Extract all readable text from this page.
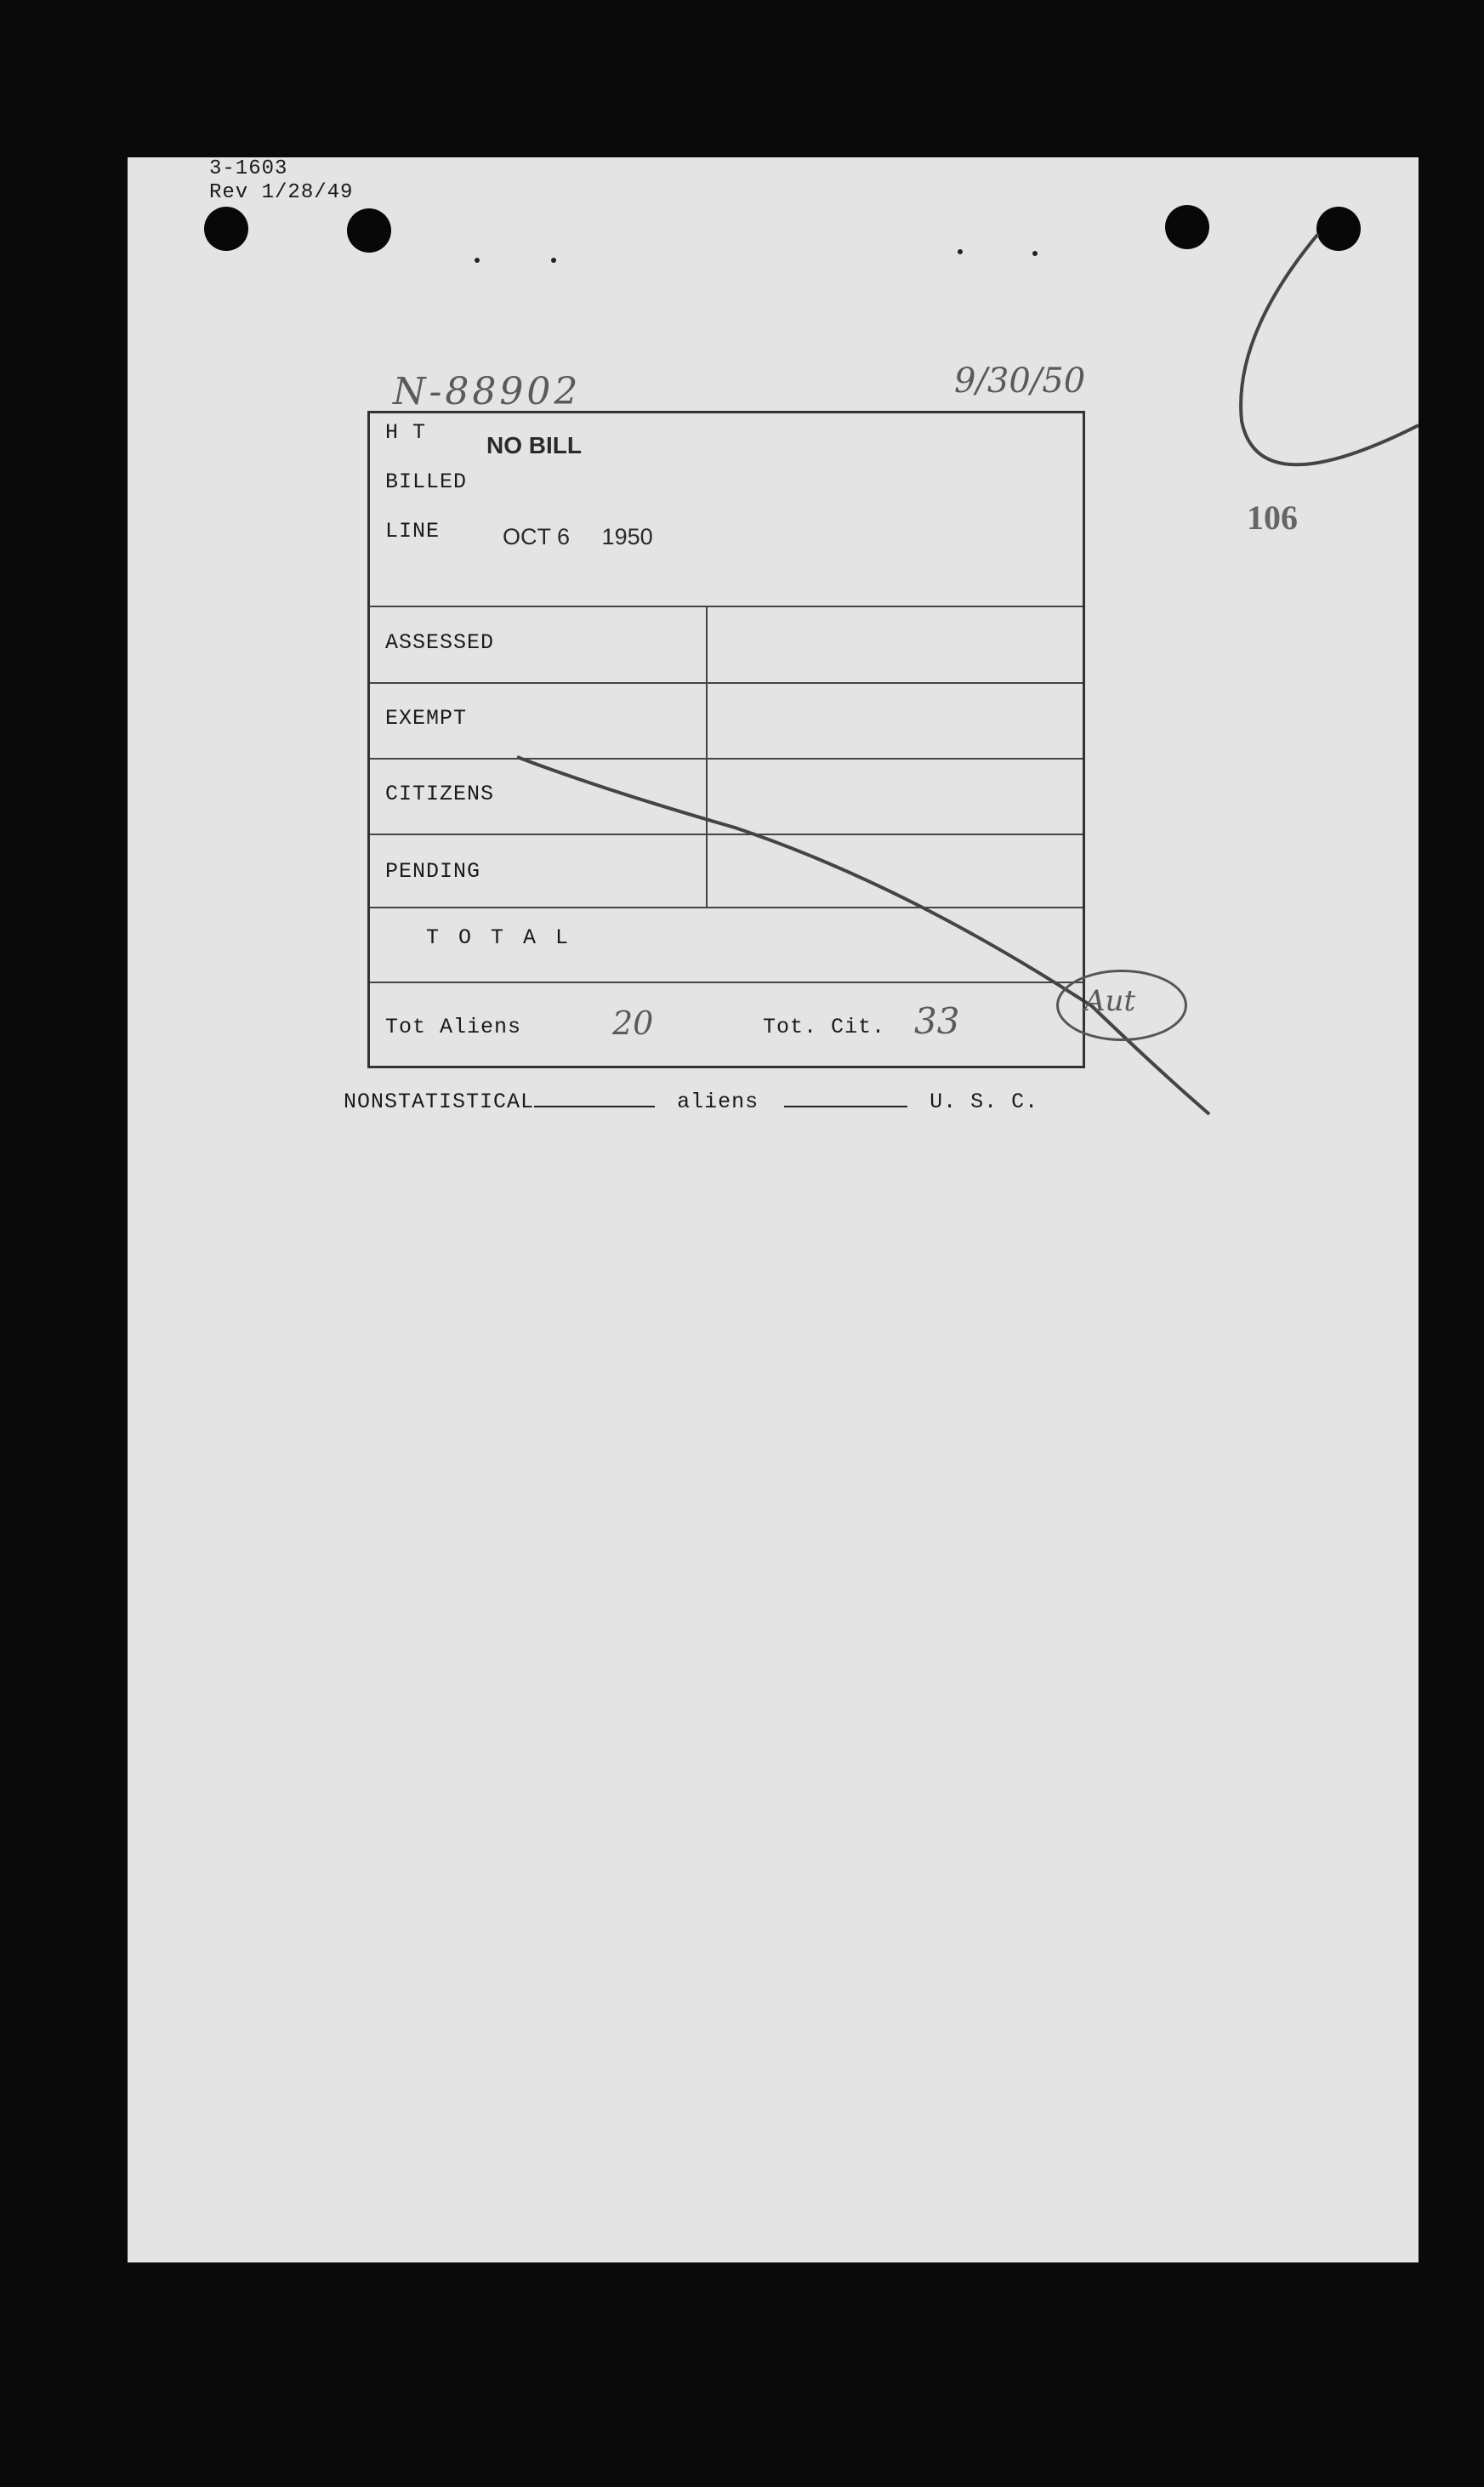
3-1603
Rev 1/28/49
N-88902	9/30/50
106
H T	NO BILL
BILLED
LINE	OCT 6 1950
ASSESSED
EXEMPT
CITIZENS
PENDING
T O T A L
Tot Aliens	20	Tot. Cit. 33	Aut
NONSTATISTICAL	aliens	U. S. C.
